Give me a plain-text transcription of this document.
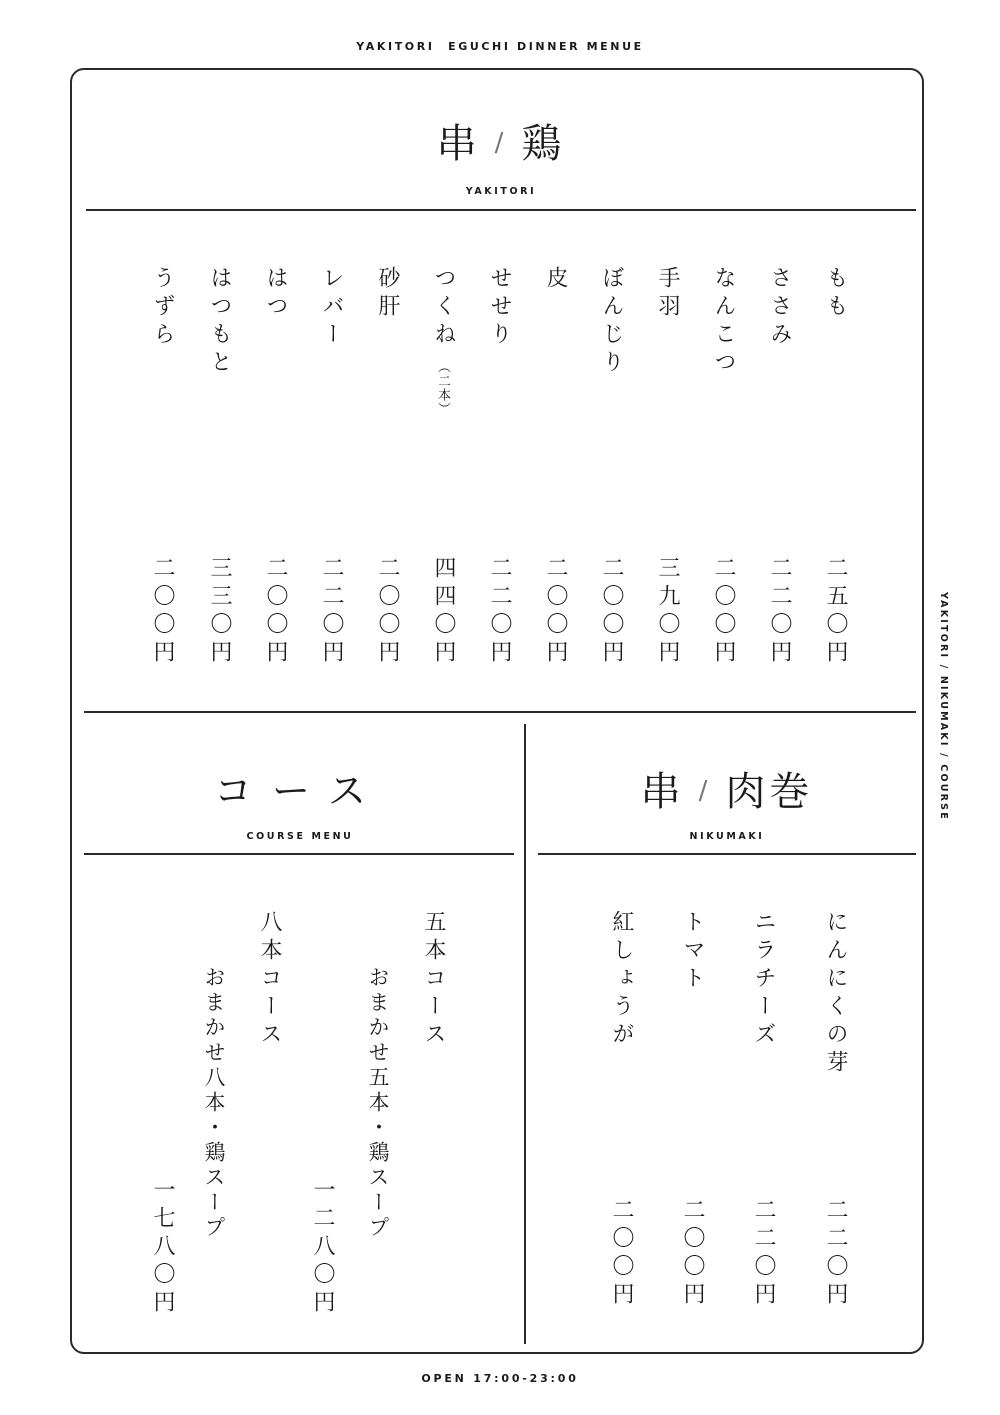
YAKITORI　EGUCHI DINNER MENUE
YAKITORI / NIKUMAKI / COURSE
串 / 鶏
YAKITORI
もも
二五〇円
ささみ
二二〇円
なんこつ
二〇〇円
手羽
三九〇円
ぼんじり
二〇〇円
皮
二〇〇円
せせり
二二〇円
つくね
（二本）
四四〇円
砂肝
二〇〇円
レバー
二二〇円
はつ
二〇〇円
はつもと
三三〇円
うずら
二〇〇円
コース
COURSE MENU
五本コース
おまかせ五本・鶏スープ
一二八〇円
八本コース
おまかせ八本・鶏スープ
一七八〇円
串 / 肉巻
NIKUMAKI
にんにくの芽
二二〇円
ニラチーズ
二二〇円
トマト
二〇〇円
紅しょうが
二〇〇円
OPEN 17:00-23:00
